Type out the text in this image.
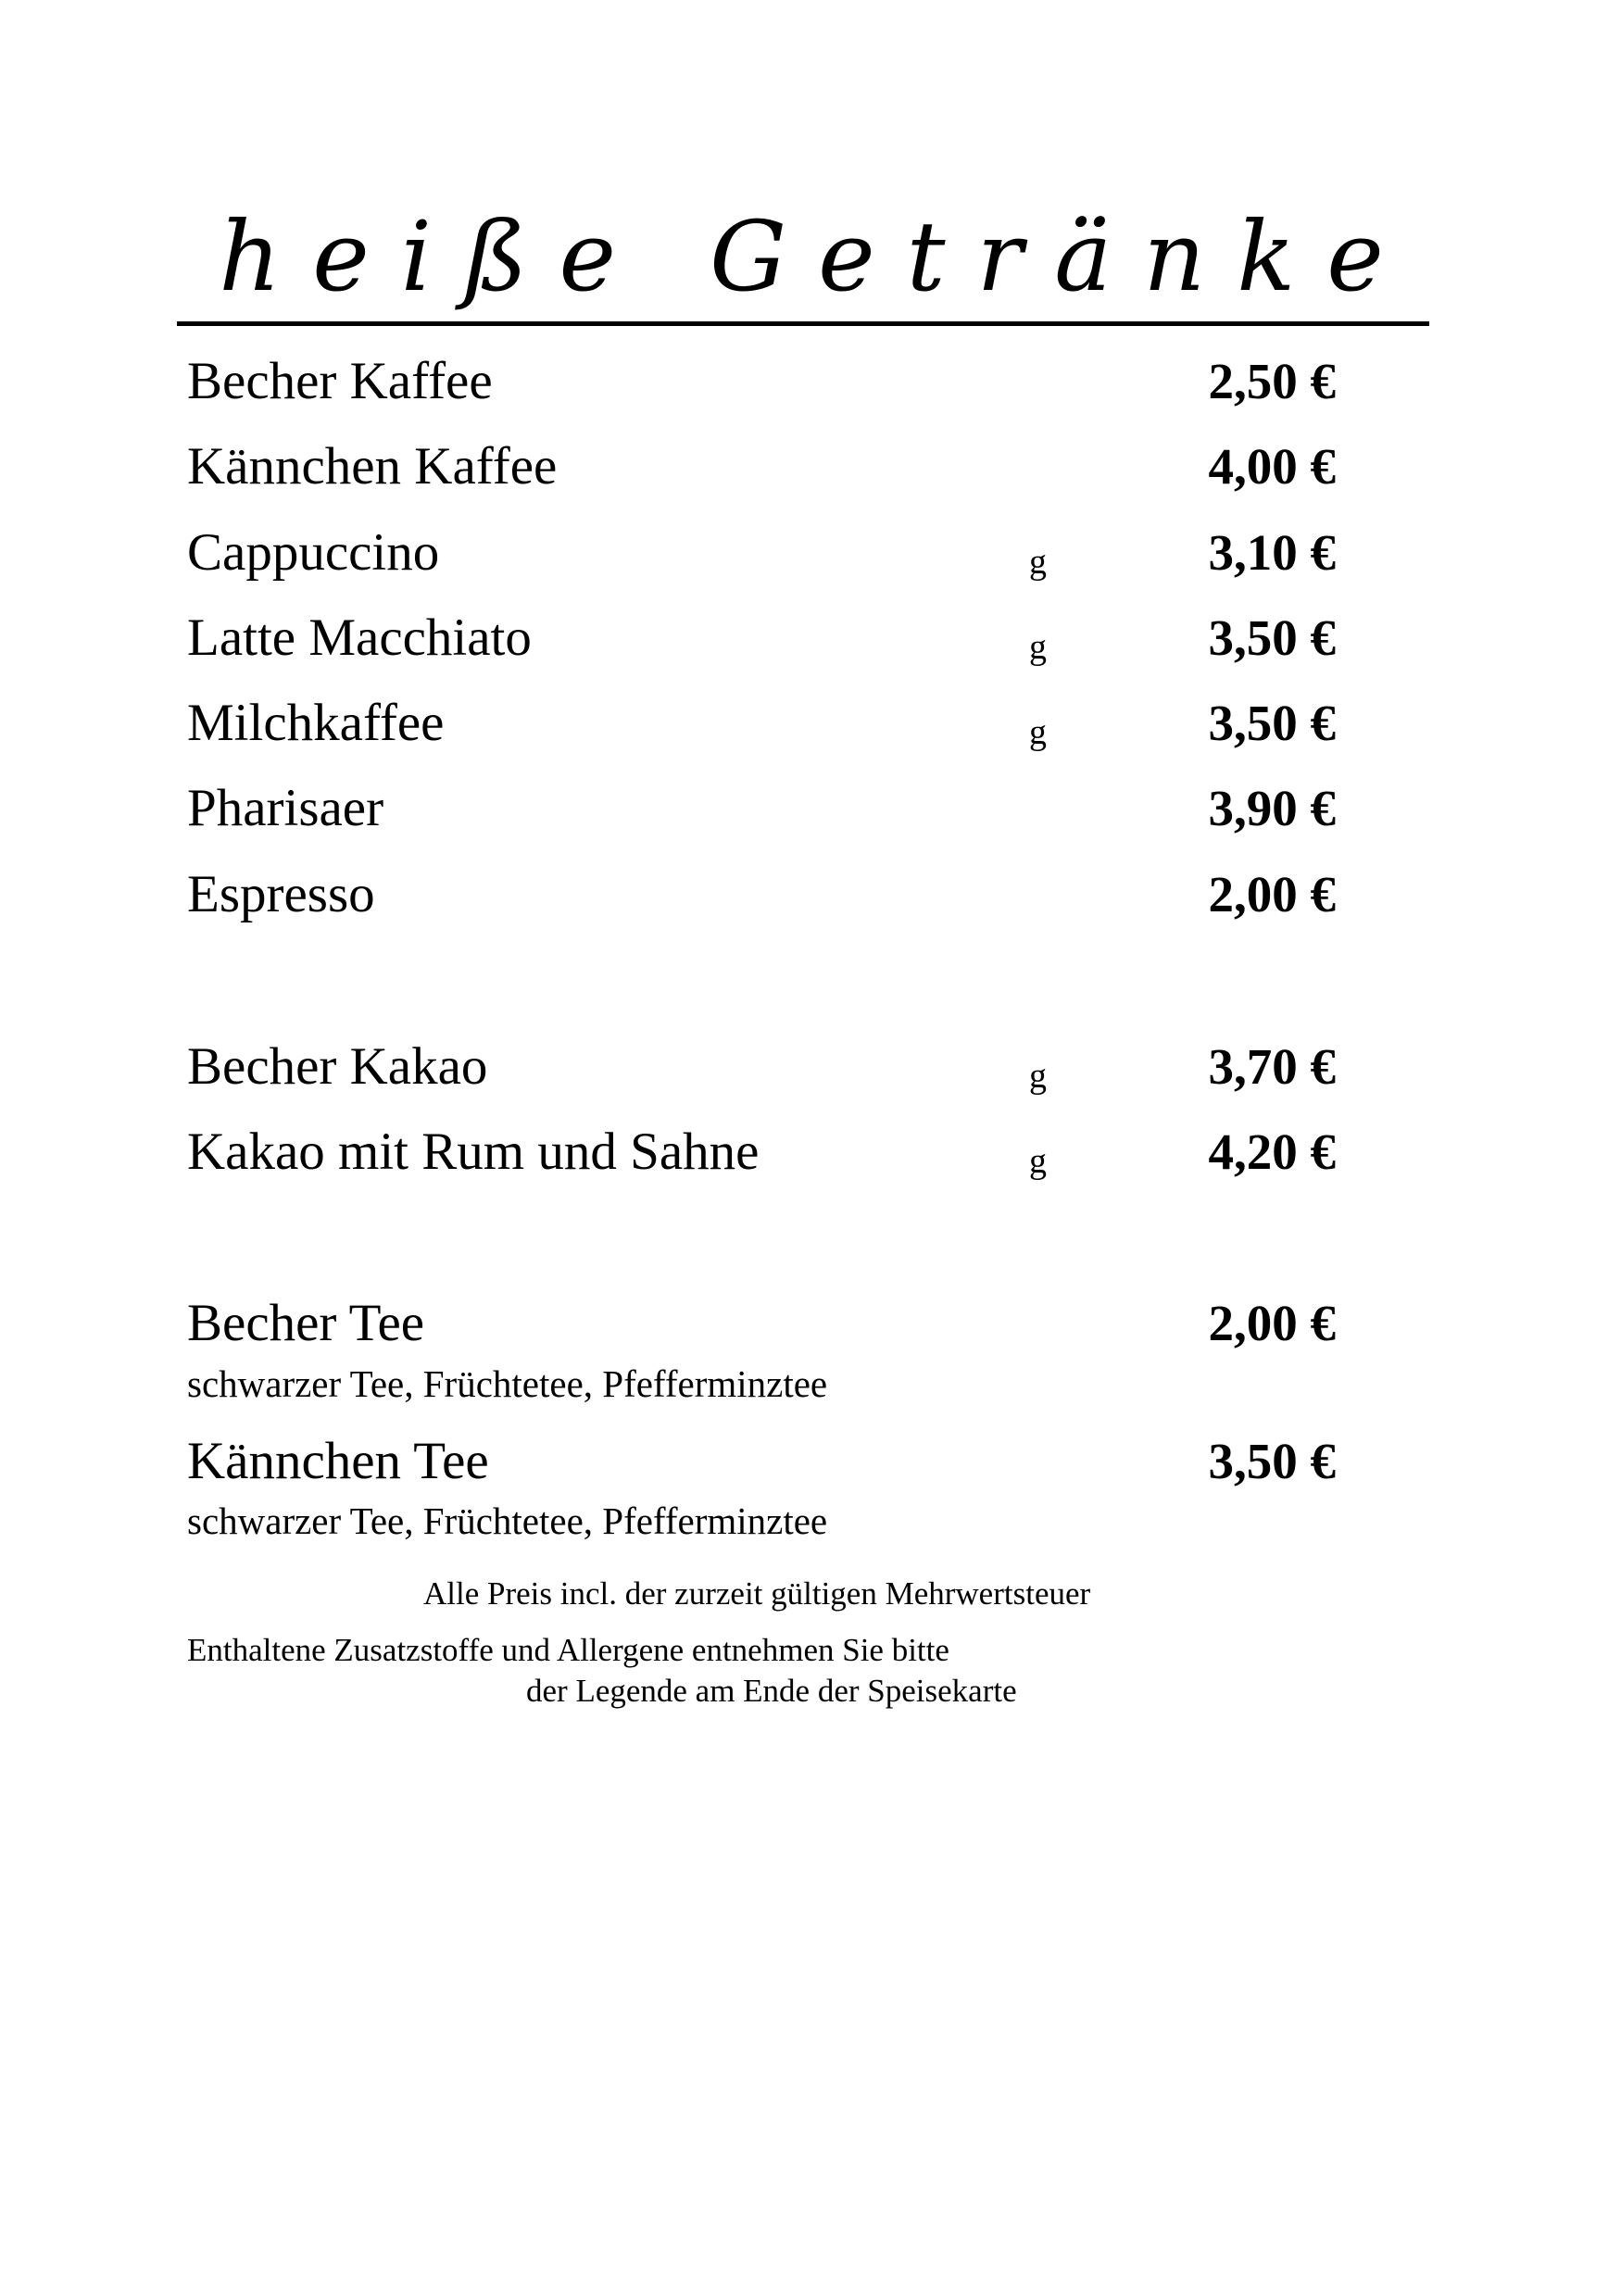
heiße Getränke
Becher Kaffee	2,50 €
Kännchen Kaffee	4,00 €
Cappuccino	g	3,10 €
Latte Macchiato	g	3,50 €
Milchkaffee	g	3,50 €
Pharisaer	3,90 €
Espresso	2,00 €
Becher Kakao	g	3,70 €
Kakao mit Rum und Sahne	g	4,20 €
Becher Tee	2,00 €
schwarzer Tee, Früchtetee, Pfefferminztee
Kännchen Tee	3,50 €
schwarzer Tee, Früchtetee, Pfefferminztee
Alle Preis incl. der zurzeit gültigen Mehrwertsteuer
Enthaltene Zusatzstoffe und Allergene entnehmen Sie bitte
der Legende am Ende der Speisekarte
